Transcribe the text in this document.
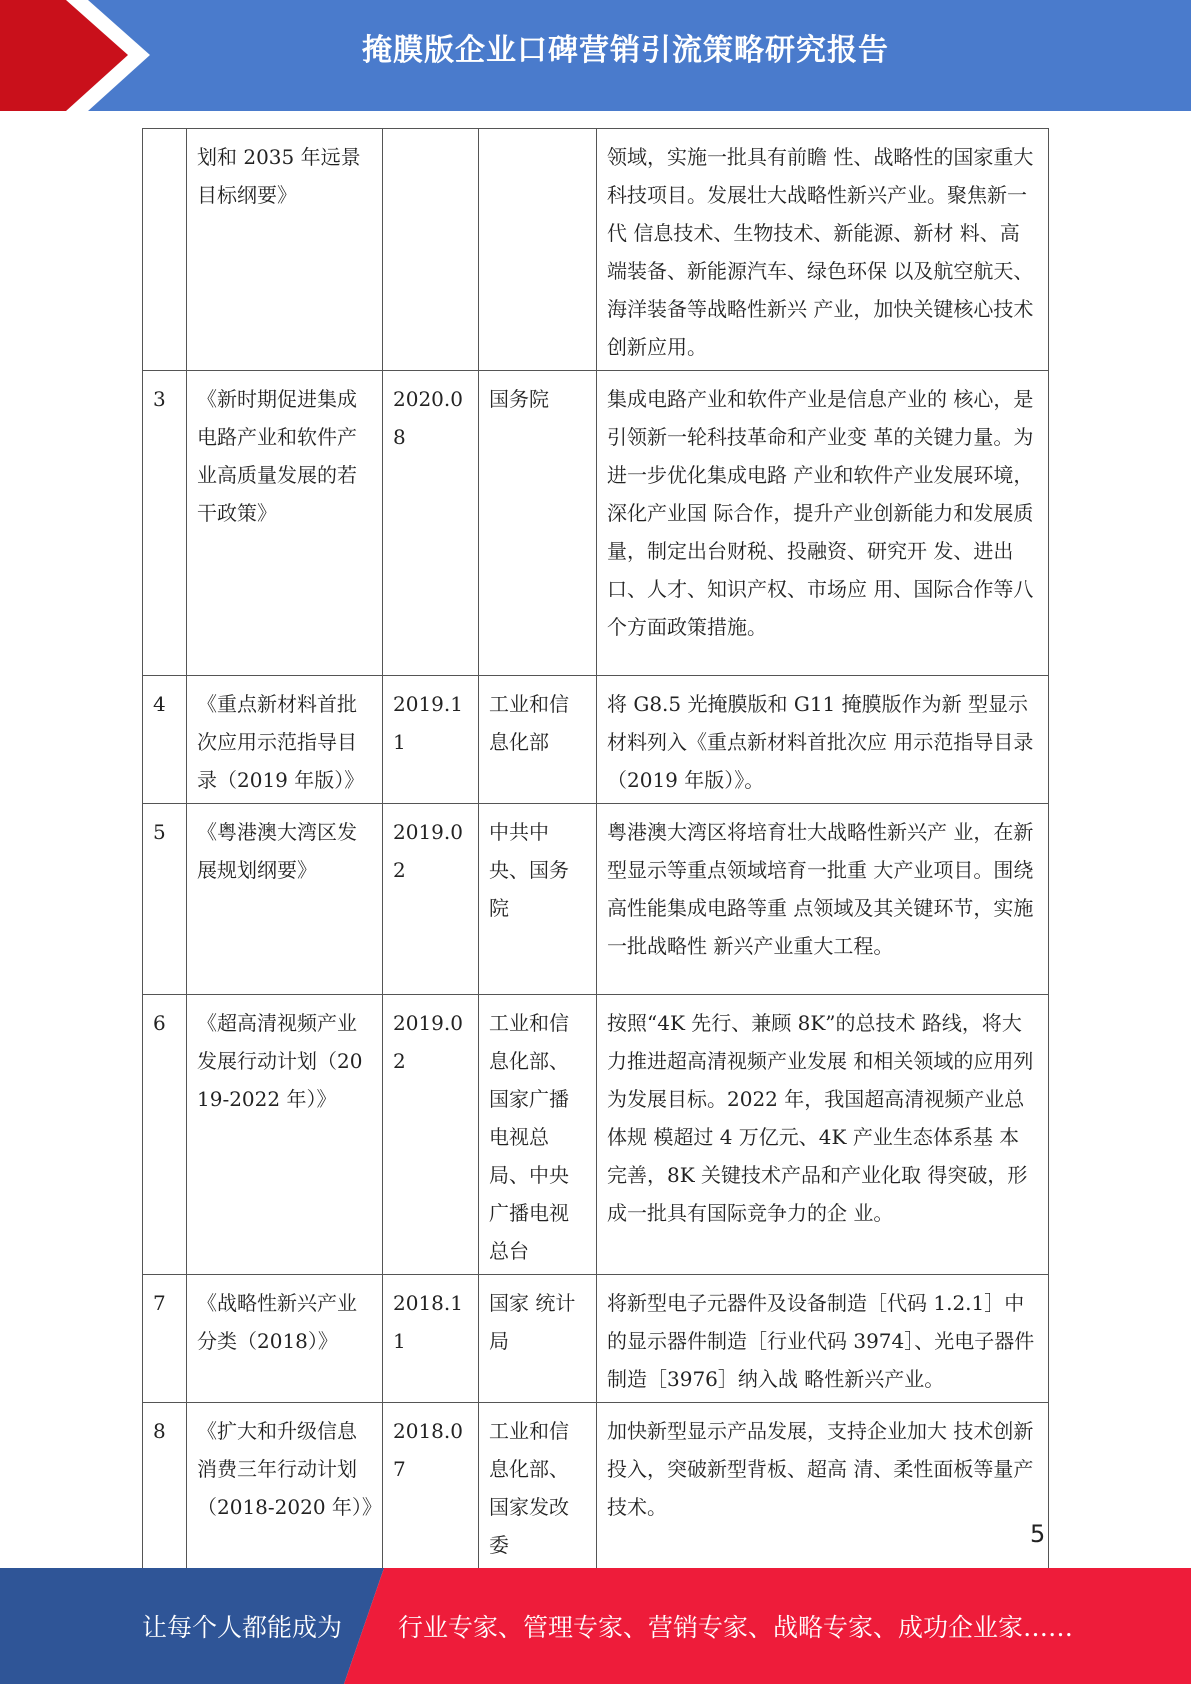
掩膜版企业口碑营销引流策略研究报告
	划和 2035 年远景目标纲要》			领域，实施一批具有前瞻 性、战略性的国家重大科技项目。发展壮大战略性新兴产业。聚焦新一代 信息技术、生物技术、新能源、新材 料、高端装备、新能源汽车、绿色环保 以及航空航天、海洋装备等战略性新兴 产业，加快关键核心技术创新应用。
3	《新时期促进集成电路产业和软件产业高质量发展的若干政策》	2020.08	国务院	集成电路产业和软件产业是信息产业的 核心，是引领新一轮科技革命和产业变 革的关键力量。为进一步优化集成电路 产业和软件产业发展环境，深化产业国 际合作，提升产业创新能力和发展质 量，制定出台财税、投融资、研究开 发、进出口、人才、知识产权、市场应 用、国际合作等八个方面政策措施。
4	《重点新材料首批次应用示范指导目录（2019 年版）》	2019.11	工业和信息化部	将 G8.5 光掩膜版和 G11 掩膜版作为新 型显示材料列入《重点新材料首批次应 用示范指导目录（2019 年版）》。
5	《粤港澳大湾区发展规划纲要》	2019.02	中共中央、国务院	粤港澳大湾区将培育壮大战略性新兴产 业，在新型显示等重点领域培育一批重 大产业项目。围绕高性能集成电路等重 点领域及其关键环节，实施一批战略性 新兴产业重大工程。
6	《超高清视频产业发展行动计划（2019-2022 年）》	2019.02	工业和信息化部、国家广播电视总局、中央广播电视总台	按照“4K 先行、兼顾 8K”的总技术 路线，将大力推进超高清视频产业发展 和相关领域的应用列为发展目标。2022 年，我国超高清视频产业总体规 模超过 4 万亿元、4K 产业生态体系基 本完善，8K 关键技术产品和产业化取 得突破，形成一批具有国际竞争力的企 业。
7	《战略性新兴产业分类（2018）》	2018.11	国家 统计局	将新型电子元器件及设备制造［代码 1.2.1］中的显示器件制造［行业代码 3974］、光电子器件制造［3976］纳入战 略性新兴产业。
8	《扩大和升级信息消费三年行动计划（2018-2020 年）》	2018.07	工业和信息化部、国家发改委	加快新型显示产品发展，支持企业加大 技术创新投入，突破新型背板、超高 清、柔性面板等量产技术。
5
让每个人都能成为 行业专家、管理专家、营销专家、战略专家、成功企业家……
